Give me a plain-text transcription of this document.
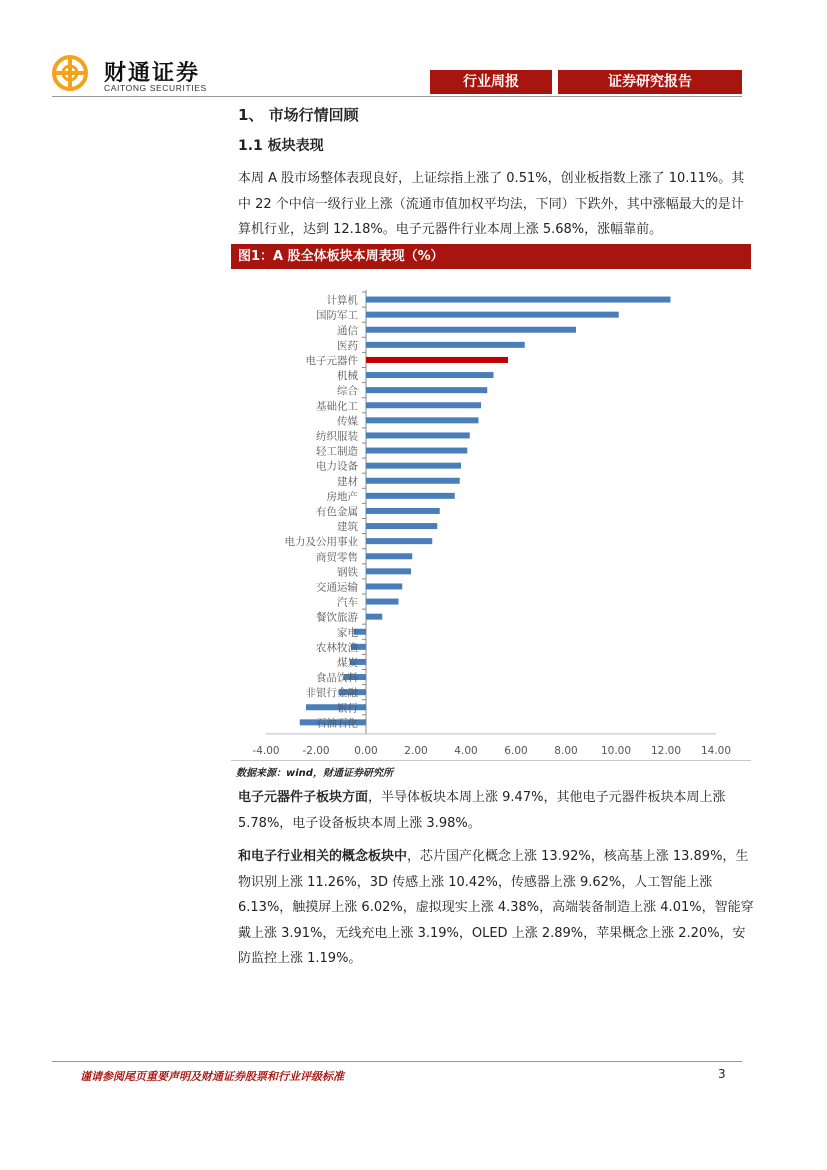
财通证券
CAITONG SECURITIES	行业周报	证券研究报告
1、 市场行情回顾
1.1 板块表现
本周 A 股市场整体表现良好，上证综指上涨了 0.51%，创业板指数上涨了 10.11%。其中 22 个中信一级行业上涨（流通市值加权平均法，下同）下跌外，其中涨幅最大的是计算机行业，达到 12.18%。电子元器件行业本周上涨 5.68%，涨幅靠前。
图1：A 股全体板块本周表现（%）
计算机
国防军工
通信
医药
电子元器件
机械
综合
基础化工
传媒
纺织服装
轻工制造
电力设备
建材
房地产
有色金属
建筑
电力及公用事业
商贸零售
钢铁
交通运输
汽车
餐饮旅游
家电
农林牧渔
煤炭
食品饮料
非银行金融
银行
石油石化
-4.00 -2.00 0.00	2.00	4.00	6.00	8.00 10.00 12.00 14.00
数据来源：wind，财通证券研究所
电子元器件子板块方面，半导体板块本周上涨 9.47%，其他电子元器件板块本周上涨 5.78%，电子设备板块本周上涨 3.98%。
和电子行业相关的概念板块中，芯片国产化概念上涨 13.92%，核高基上涨 13.89%，生物识别上涨 11.26%，3D 传感上涨 10.42%，传感器上涨 9.62%，人工智能上涨 6.13%，触摸屏上涨 6.02%，虚拟现实上涨 4.38%，高端装备制造上涨 4.01%，智能穿戴上涨 3.91%，无线充电上涨 3.19%，OLED 上涨 2.89%，苹果概念上涨 2.20%，安防监控上涨 1.19%。
谨请参阅尾页重要声明及财通证券股票和行业评级标准	3
